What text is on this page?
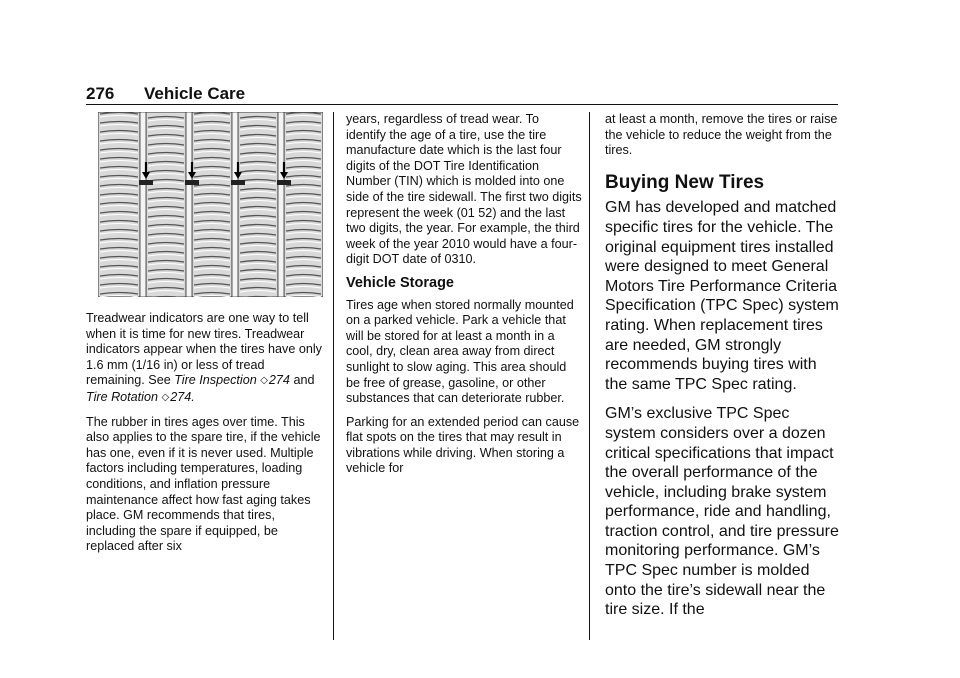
276 Vehicle Care

Treadwear indicators are one way to tell when it is time for new tires. Treadwear indicators appear when the tires have only 1.6 mm (1/16 in) or less of tread remaining. See Tire Inspection ◇274 and Tire Rotation ◇274.

The rubber in tires ages over time. This also applies to the spare tire, if the vehicle has one, even if it is never used. Multiple factors including temperatures, loading conditions, and inflation pressure maintenance affect how fast aging takes place. GM recommends that tires, including the spare if equipped, be replaced after six

years, regardless of tread wear. To identify the age of a tire, use the tire manufacture date which is the last four digits of the DOT Tire Identification Number (TIN) which is molded into one side of the tire sidewall. The first two digits represent the week (01 52) and the last two digits, the year. For example, the third week of the year 2010 would have a four-digit DOT date of 0310.

Vehicle Storage

Tires age when stored normally mounted on a parked vehicle. Park a vehicle that will be stored for at least a month in a cool, dry, clean area away from direct sunlight to slow aging. This area should be free of grease, gasoline, or other substances that can deteriorate rubber.

Parking for an extended period can cause flat spots on the tires that may result in vibrations while driving. When storing a vehicle for

at least a month, remove the tires or raise the vehicle to reduce the weight from the tires.

Buying New Tires

GM has developed and matched specific tires for the vehicle. The original equipment tires installed were designed to meet General Motors Tire Performance Criteria Specification (TPC Spec) system rating. When replacement tires are needed, GM strongly recommends buying tires with the same TPC Spec rating.

GM’s exclusive TPC Spec system considers over a dozen critical specifications that impact the overall performance of the vehicle, including brake system performance, ride and handling, traction control, and tire pressure monitoring performance. GM’s TPC Spec number is molded onto the tire’s sidewall near the tire size. If the
